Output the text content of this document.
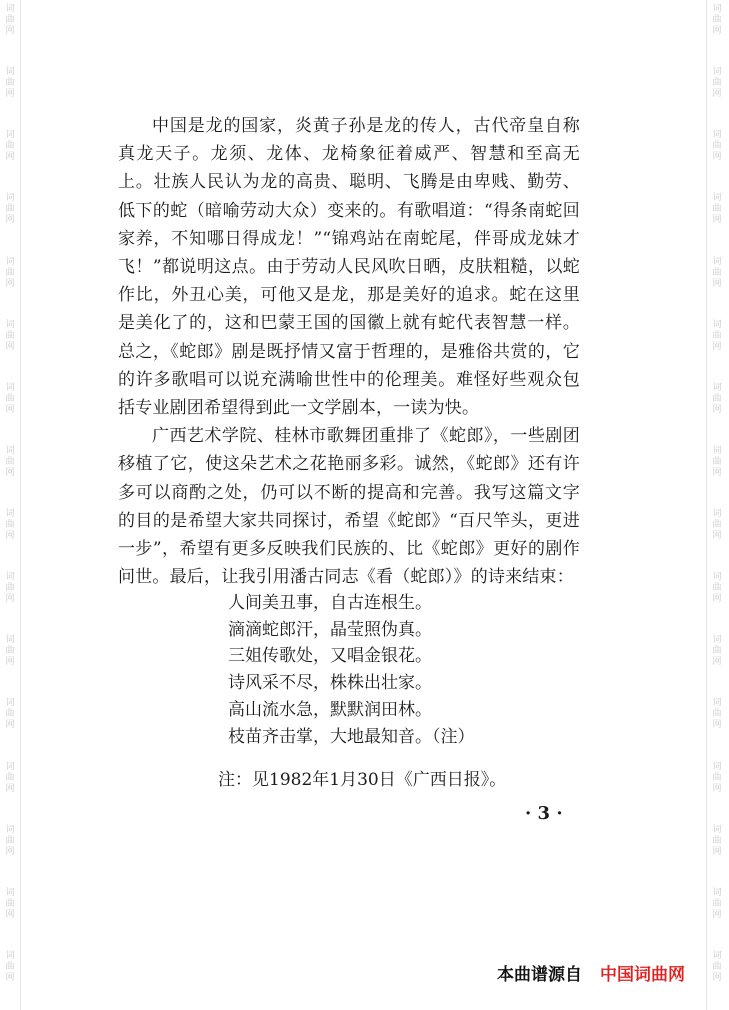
词
曲
网
词
曲
网
词
曲
网
词
曲
网
词
曲
网
词
曲
网
词
曲
网
词
曲
网
词
曲
网
词
曲
网
词
曲
网
词
曲
网
词
曲
网
词
曲
网
词
曲
网
词
曲
网
词
曲
网
词
曲
网
词
曲
网
词
曲
网
词
曲
网
词
曲
网
词
曲
网
词
曲
网
词
曲
网
词
曲
网
词
曲
网
词
曲
网
词
曲
网
词
曲
网
词
曲
网
词
曲
网

中国是龙的国家，炎黄子孙是龙的传人，古代帝皇自称真龙天子。龙须、龙体、龙椅象征着威严、智慧和至高无上。壮族人民认为龙的高贵、聪明、飞腾是由卑贱、勤劳、低下的蛇（暗喻劳动大众）变来的。有歌唱道：“得条南蛇回家养，不知哪日得成龙！”“锦鸡站在南蛇尾，伴哥成龙妹才飞！”都说明这点。由于劳动人民风吹日晒，皮肤粗糙，以蛇作比，外丑心美，可他又是龙，那是美好的追求。蛇在这里是美化了的，这和巴蒙王国的国徽上就有蛇代表智慧一样。总之，《蛇郎》剧是既抒情又富于哲理的，是雅俗共赏的，它的许多歌唱可以说充满喻世性中的伦理美。难怪好些观众包括专业剧团希望得到此一文学剧本，一读为快。

广西艺术学院、桂林市歌舞团重排了《蛇郎》，一些剧团移植了它，使这朵艺术之花艳丽多彩。诚然，《蛇郎》还有许多可以商酌之处，仍可以不断的提高和完善。我写这篇文字的目的是希望大家共同探讨，希望《蛇郎》“百尺竿头，更进一步”，希望有更多反映我们民族的、比《蛇郎》更好的剧作问世。最后，让我引用潘古同志《看（蛇郎）》的诗来结束：

人间美丑事，自古连根生。
滴滴蛇郎汗，晶莹照伪真。
三姐传歌处，又唱金银花。
诗风采不尽，株株出壮家。
高山流水急，默默润田林。
枝苗齐击掌，大地最知音。（注）
注：见1982年1月30日《广西日报》。
· 3 ·
本曲谱源自 中国词曲网
